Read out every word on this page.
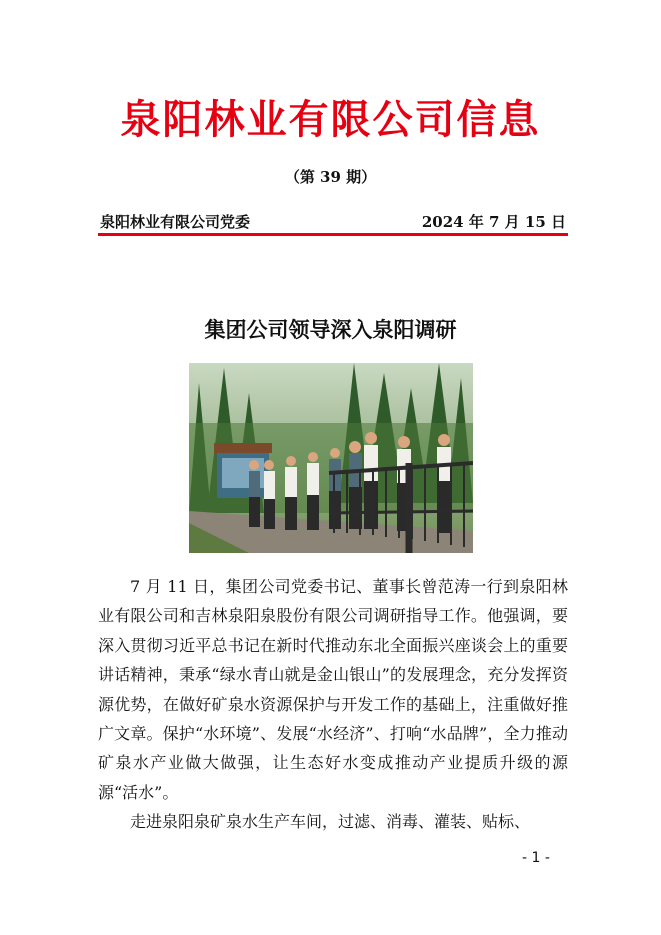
泉阳林业有限公司信息
（第 39 期）
泉阳林业有限公司党委	2024 年 7 月 15 日
集团公司领导深入泉阳调研

7 月 11 日，集团公司党委书记、董事长曾范涛一行到泉阳林业有限公司和吉林泉阳泉股份有限公司调研指导工作。他强调，要深入贯彻习近平总书记在新时代推动东北全面振兴座谈会上的重要讲话精神，秉承“绿水青山就是金山银山”的发展理念，充分发挥资源优势，在做好矿泉水资源保护与开发工作的基础上，注重做好推广文章。保护“水环境”、发展“水经济”、打响“水品牌”，全力推动矿泉水产业做大做强，让生态好水变成推动产业提质升级的源源“活水”。

走进泉阳泉矿泉水生产车间，过滤、消毒、灌装、贴标、

- 1 -
